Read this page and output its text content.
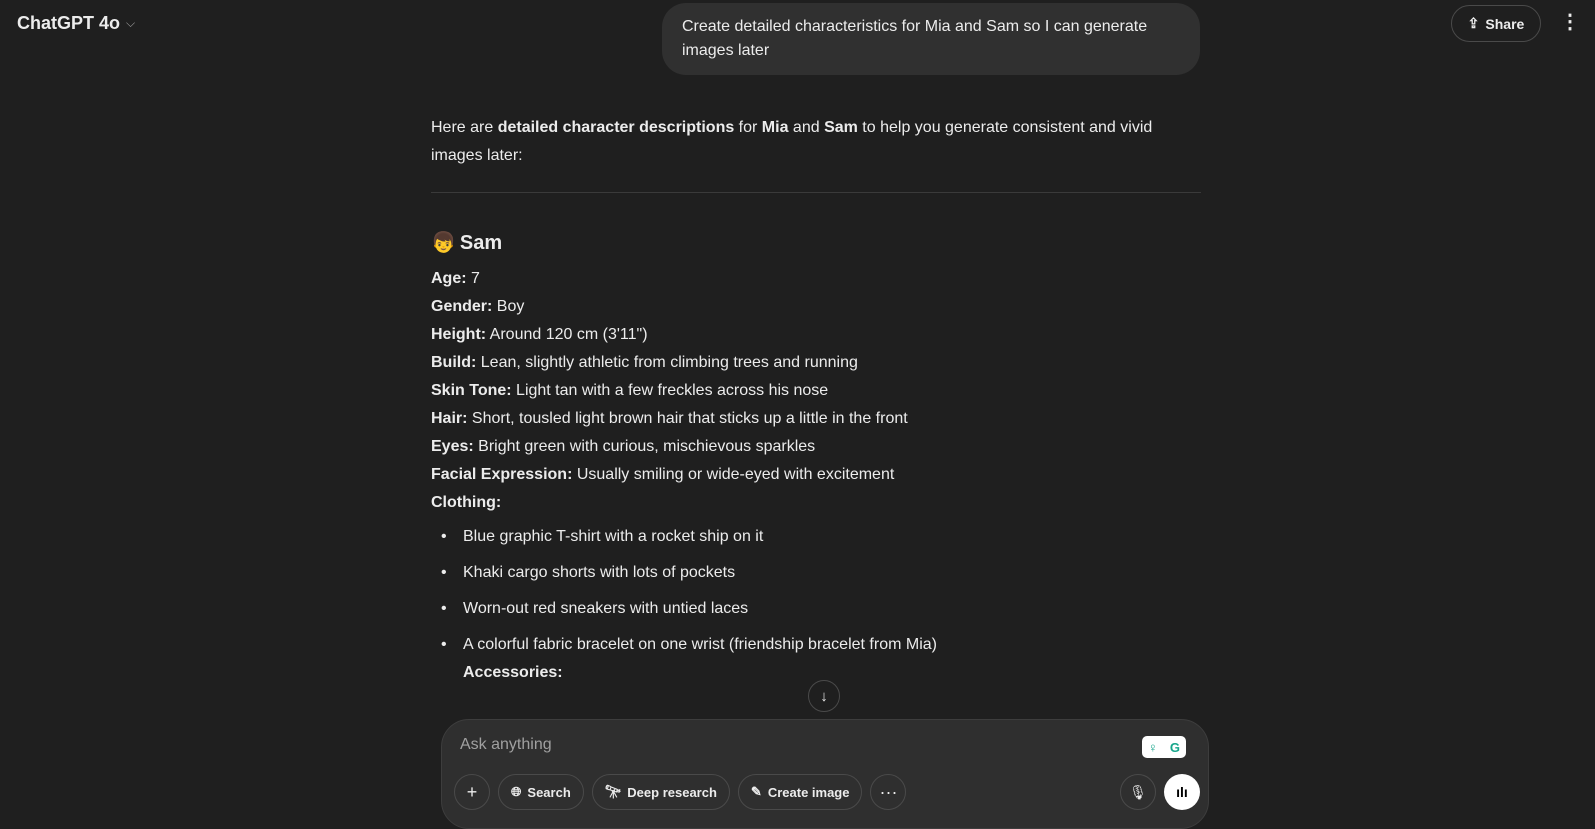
ChatGPT 4o ⌵	⇪ Share ⋮
Create detailed characteristics for Mia and Sam so I can generate images later

Here are detailed character descriptions for Mia and Sam to help you generate consistent and vivid images later:

👦 Sam
Age: 7
Gender: Boy
Height: Around 120 cm (3'11")
Build: Lean, slightly athletic from climbing trees and running
Skin Tone: Light tan with a few freckles across his nose
Hair: Short, tousled light brown hair that sticks up a little in the front
Eyes: Bright green with curious, mischievous sparkles
Facial Expression: Usually smiling or wide-eyed with excitement
Clothing:
• Blue graphic T-shirt with a rocket ship on it
• Khaki cargo shorts with lots of pockets
• Worn-out red sneakers with untied laces
• A colorful fabric bracelet on one wrist (friendship bracelet from Mia)
Accessories:
↓
Ask anything	♀ G
+	🌐︎ Search	🔭︎ Deep research	✎ Create image ···	🎙︎ ılı
